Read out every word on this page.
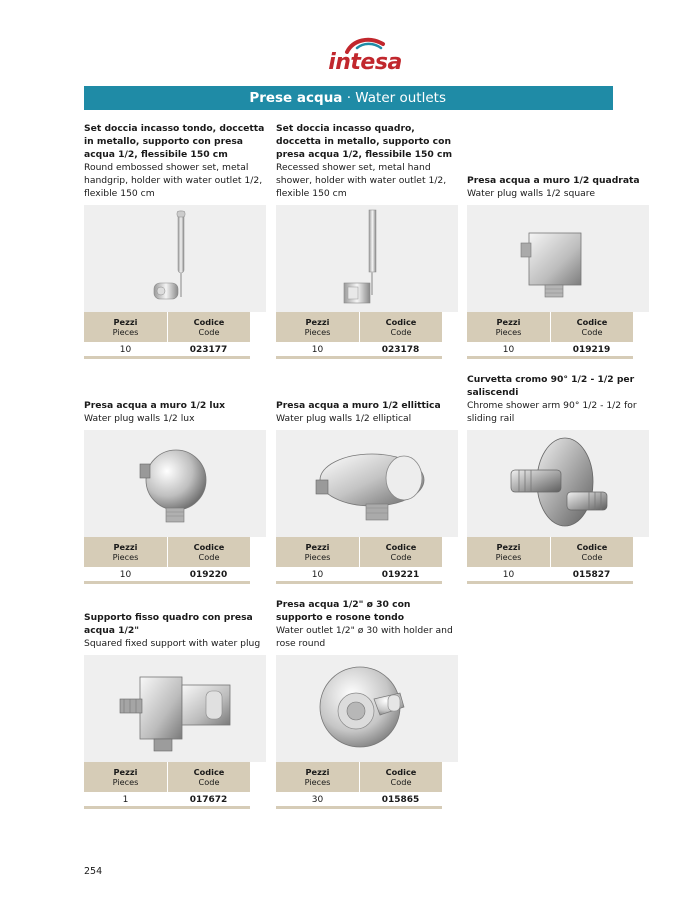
intesa
Prese acqua · Water outlets
Set doccia incasso tondo, doccetta in metallo, supporto con presa acqua 1/2, flessibile 150 cm
Round embossed shower set, metal handgrip, holder with water outlet 1/2, flexible 150 cm
Set doccia incasso quadro, doccetta in metallo, supporto con presa acqua 1/2, flessibile 150 cm
Recessed shower set, metal hand shower, holder with water outlet 1/2, flexible 150 cm
Presa acqua a muro 1/2 quadrata
Water plug walls 1/2 square
Presa acqua a muro 1/2 lux
Water plug walls 1/2 lux
Presa acqua a muro 1/2 ellittica
Water plug walls 1/2 elliptical
Curvetta cromo 90° 1/2 - 1/2 per saliscendi
Chrome shower arm 90° 1/2 - 1/2 for sliding rail
Supporto fisso quadro con presa acqua 1/2"
Squared fixed support with water plug
Presa acqua 1/2" ø 30 con supporto e rosone tondo
Water outlet 1/2" ø 30 with holder and rose round
Pezzi
Pieces
Codice
Code
10	023177
Pezzi
Pieces
Codice
Code
10	023178
Pezzi
Pieces
Codice
Code
10	019219
Pezzi
Pieces
Codice
Code
10	019220
Pezzi
Pieces
Codice
Code
10	019221
Pezzi
Pieces
Codice
Code
10	015827
Pezzi
Pieces
Codice
Code
1	017672
Pezzi
Pieces
Codice
Code
30	015865
254
